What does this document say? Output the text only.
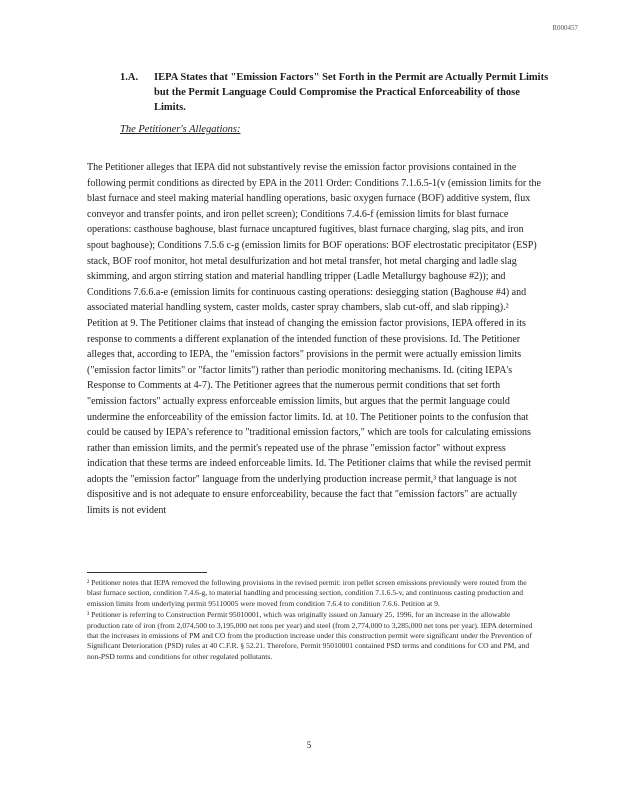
R000457
1.A. IEPA States that "Emission Factors" Set Forth in the Permit are Actually Permit Limits but the Permit Language Could Compromise the Practical Enforceability of those Limits.
The Petitioner's Allegations:
The Petitioner alleges that IEPA did not substantively revise the emission factor provisions contained in the following permit conditions as directed by EPA in the 2011 Order: Conditions 7.1.6.5-1(v (emission limits for the blast furnace and steel making material handling operations, basic oxygen furnace (BOF) additive system, flux conveyor and transfer points, and iron pellet screen); Conditions 7.4.6-f (emission limits for blast furnace operations: casthouse baghouse, blast furnace uncaptured fugitives, blast furnace charging, slag pits, and iron spout baghouse); Conditions 7.5.6 c-g (emission limits for BOF operations: BOF electrostatic precipitator (ESP) stack, BOF roof monitor, hot metal desulfurization and hot metal transfer, hot metal charging and ladle slag skimming, and argon stirring station and material handling tripper (Ladle Metallurgy baghouse #2)); and Conditions 7.6.6.a-e (emission limits for continuous casting operations: desiegging station (Baghouse #4) and associated material handling system, caster molds, caster spray chambers, slab cut-off, and slab ripping).² Petition at 9. The Petitioner claims that instead of changing the emission factor provisions, IEPA offered in its response to comments a different explanation of the intended function of these provisions. Id. The Petitioner alleges that, according to IEPA, the "emission factors" provisions in the permit were actually emission limits ("emission factor limits" or "factor limits") rather than periodic monitoring mechanisms. Id. (citing IEPA's Response to Comments at 4-7). The Petitioner agrees that the numerous permit conditions that set forth "emission factors" actually express enforceable emission limits, but argues that the permit language could undermine the enforceability of the emission factor limits. Id. at 10. The Petitioner points to the confusion that could be caused by IEPA's reference to "traditional emission factors," which are tools for calculating emissions rather than emission limits, and the permit's repeated use of the phrase "emission factor" without express indication that these terms are indeed enforceable limits. Id. The Petitioner claims that while the revised permit adopts the "emission factor" language from the underlying production increase permit,³ that language is not dispositive and is not adequate to ensure enforceability, because the fact that "emission factors" are actually limits is not evident

² Petitioner notes that IEPA removed the following provisions in the revised permit: iron pellet screen emissions previously were routed from the blast furnace section, condition 7.4.6-g, to material handling and processing section, condition 7.1.6.5-v, and continuous casting production and emission limits from underlying permit 95110005 were moved from condition 7.6.4 to condition 7.6.6. Petition at 9.

³ Petitioner is referring to Construction Permit 95010001, which was originally issued on January 25, 1996, for an increase in the allowable production rate of iron (from 2,074,500 to 3,195,000 net tons per year) and steel (from 2,774,000 to 3,285,000 net tons per year). IEPA determined that the increases in emissions of PM and CO from the production increase under this construction permit were significant under the Prevention of Significant Deterioration (PSD) rules at 40 C.F.R. § 52.21. Therefore, Permit 95010001 contained PSD terms and conditions for CO and PM, and non-PSD terms and conditions for other regulated pollutants.

5
